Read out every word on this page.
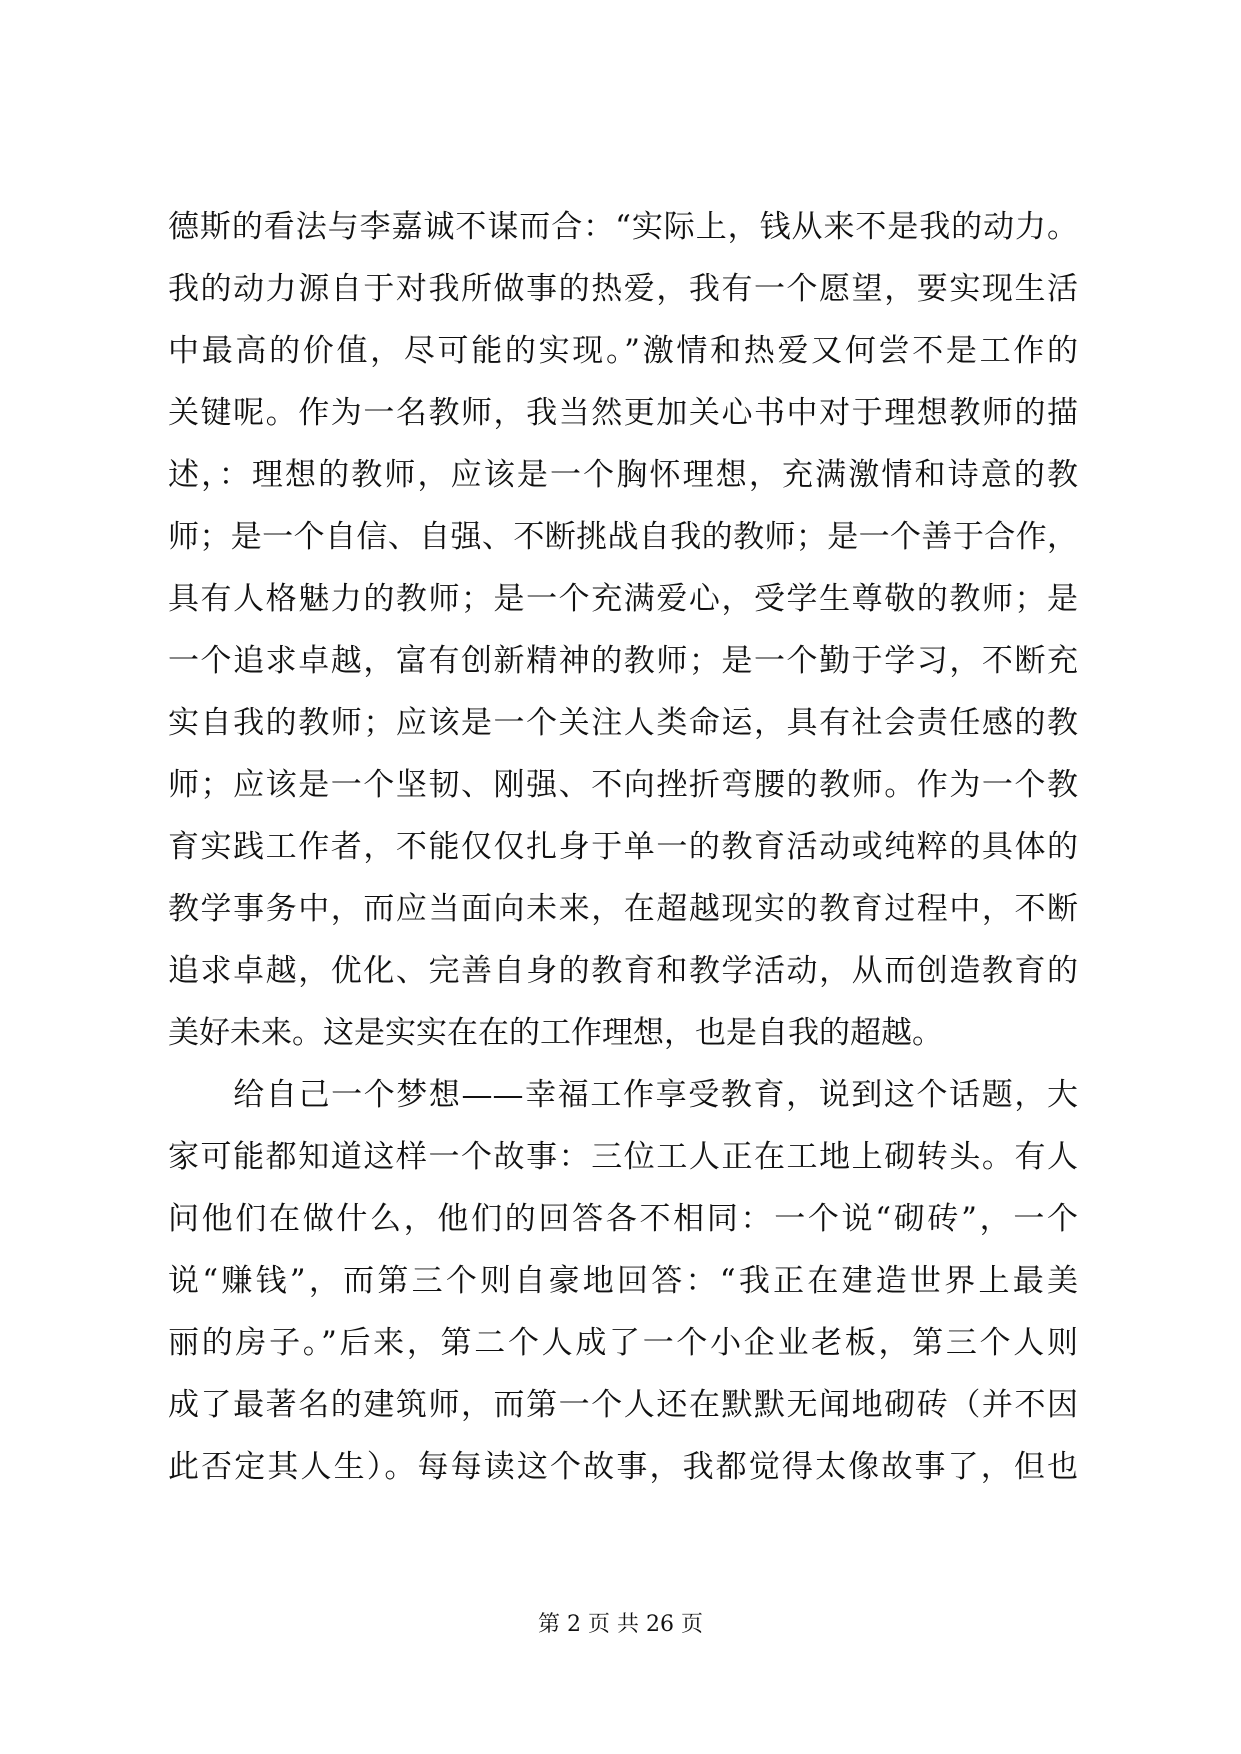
德斯的看法与李嘉诚不谋而合：“实际上，钱从来不是我的动力。
我的动力源自于对我所做事的热爱，我有一个愿望，要实现生活
中最高的价值，尽可能的实现。”激情和热爱又何尝不是工作的
关键呢。作为一名教师，我当然更加关心书中对于理想教师的描
述，：理想的教师，应该是一个胸怀理想，充满激情和诗意的教
师；是一个自信、自强、不断挑战自我的教师；是一个善于合作，
具有人格魅力的教师；是一个充满爱心，受学生尊敬的教师；是
一个追求卓越，富有创新精神的教师；是一个勤于学习，不断充
实自我的教师；应该是一个关注人类命运，具有社会责任感的教
师；应该是一个坚韧、刚强、不向挫折弯腰的教师。作为一个教
育实践工作者，不能仅仅扎身于单一的教育活动或纯粹的具体的
教学事务中，而应当面向未来，在超越现实的教育过程中，不断
追求卓越，优化、完善自身的教育和教学活动，从而创造教育的
美好未来。这是实实在在的工作理想，也是自我的超越。
　　给自己一个梦想——幸福工作享受教育，说到这个话题，大
家可能都知道这样一个故事：三位工人正在工地上砌转头。有人
问他们在做什么，他们的回答各不相同：一个说“砌砖”，一个
说“赚钱”，而第三个则自豪地回答：“我正在建造世界上最美
丽的房子。”后来，第二个人成了一个小企业老板，第三个人则
成了最著名的建筑师，而第一个人还在默默无闻地砌砖（并不因
此否定其人生）。每每读这个故事，我都觉得太像故事了，但也
第 2 页 共 26 页
